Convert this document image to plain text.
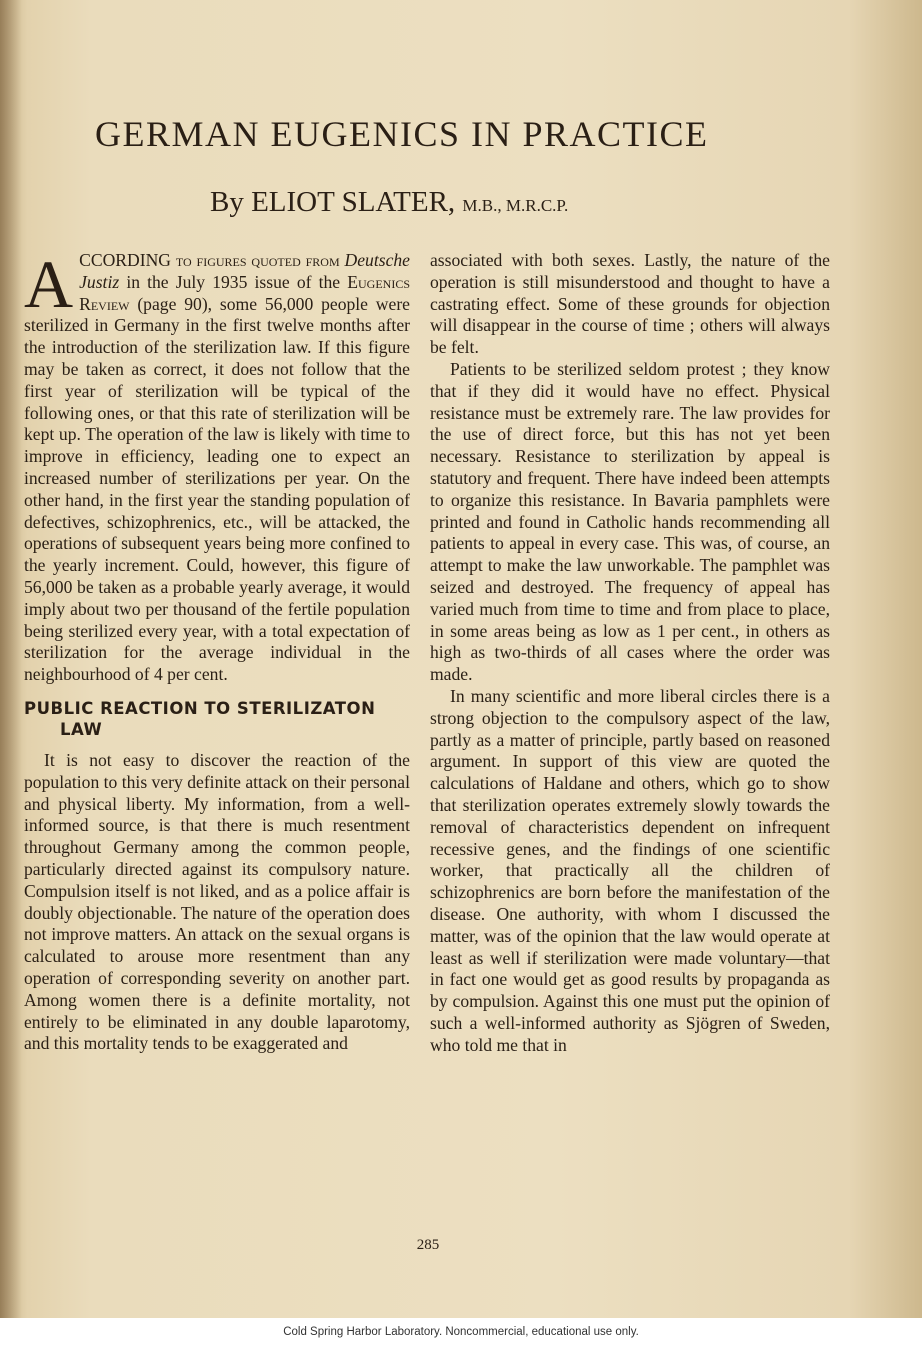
GERMAN EUGENICS IN PRACTICE
By ELIOT SLATER, M.B., M.R.C.P.

ACCORDING to figures quoted from Deutsche Justiz in the July 1935 issue of the Eugenics Review (page 90), some 56,000 people were sterilized in Germany in the first twelve months after the introduction of the sterilization law. If this figure may be taken as correct, it does not follow that the first year of sterilization will be typical of the following ones, or that this rate of sterilization will be kept up. The operation of the law is likely with time to improve in efficiency, leading one to expect an increased number of sterilizations per year. On the other hand, in the first year the standing population of defectives, schizophrenics, etc., will be attacked, the operations of subsequent years being more confined to the yearly increment. Could, however, this figure of 56,000 be taken as a probable yearly average, it would imply about two per thousand of the fertile population being sterilized every year, with a total expectation of sterilization for the average individual in the neighbourhood of 4 per cent.

PUBLIC REACTION TO STERILIZATON
LAW

It is not easy to discover the reaction of the population to this very definite attack on their personal and physical liberty. My information, from a well-informed source, is that there is much resentment throughout Germany among the common people, particularly directed against its compulsory nature. Compulsion itself is not liked, and as a police affair is doubly objectionable. The nature of the operation does not improve matters. An attack on the sexual organs is calculated to arouse more resentment than any operation of corresponding severity on another part. Among women there is a definite mortality, not entirely to be eliminated in any double laparotomy, and this mortality tends to be exaggerated and

associated with both sexes. Lastly, the nature of the operation is still misunderstood and thought to have a castrating effect. Some of these grounds for objection will disappear in the course of time ; others will always be felt.

Patients to be sterilized seldom protest ; they know that if they did it would have no effect. Physical resistance must be extremely rare. The law provides for the use of direct force, but this has not yet been necessary. Resistance to sterilization by appeal is statutory and frequent. There have indeed been attempts to organize this resistance. In Bavaria pamphlets were printed and found in Catholic hands recommending all patients to appeal in every case. This was, of course, an attempt to make the law unworkable. The pamphlet was seized and destroyed. The frequency of appeal has varied much from time to time and from place to place, in some areas being as low as 1 per cent., in others as high as two-thirds of all cases where the order was made.

In many scientific and more liberal circles there is a strong objection to the compulsory aspect of the law, partly as a matter of principle, partly based on reasoned argument. In support of this view are quoted the calculations of Haldane and others, which go to show that sterilization operates extremely slowly towards the removal of characteristics dependent on infrequent recessive genes, and the findings of one scientific worker, that practically all the children of schizophrenics are born before the manifestation of the disease. One authority, with whom I discussed the matter, was of the opinion that the law would operate at least as well if sterilization were made voluntary—that in fact one would get as good results by propaganda as by compulsion. Against this one must put the opinion of such a well-informed authority as Sjögren of Sweden, who told me that in

285
Cold Spring Harbor Laboratory. Noncommercial, educational use only.
